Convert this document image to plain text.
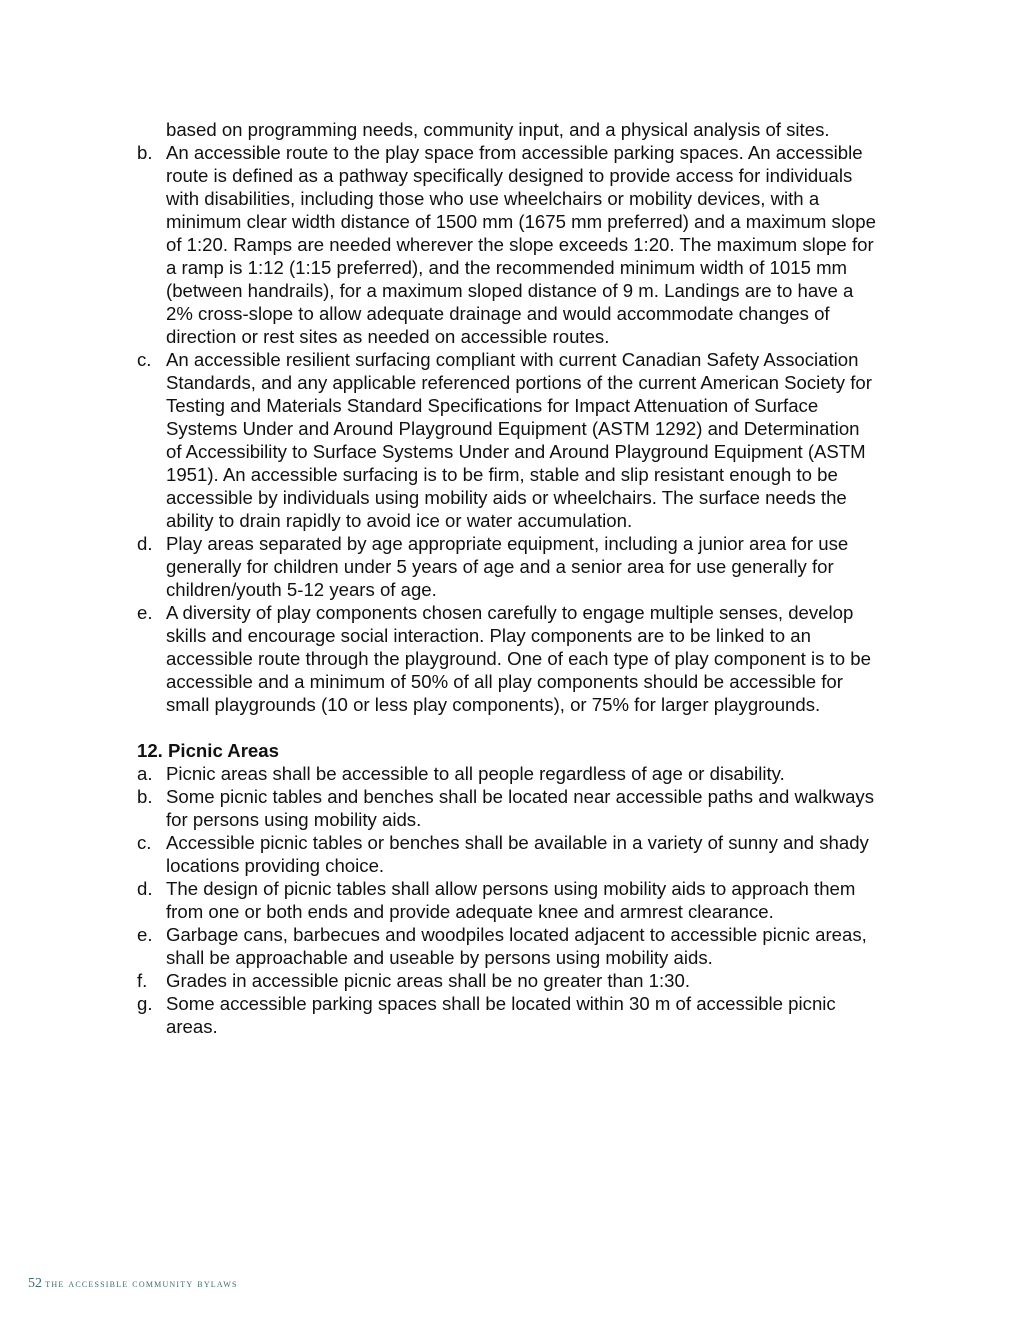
based on programming needs, community input, and a physical analysis of sites.

b. An accessible route to the play space from accessible parking spaces. An accessible route is defined as a pathway specifically designed to provide access for individuals with disabilities, including those who use wheelchairs or mobility devices, with a minimum clear width distance of 1500 mm (1675 mm preferred) and a maximum slope of 1:20. Ramps are needed wherever the slope exceeds 1:20. The maximum slope for a ramp is 1:12 (1:15 preferred), and the recommended minimum width of 1015 mm (between handrails), for a maximum sloped distance of 9 m. Landings are to have a 2% cross-slope to allow adequate drainage and would accommodate changes of direction or rest sites as needed on accessible routes.
c. An accessible resilient surfacing compliant with current Canadian Safety Association Standards, and any applicable referenced portions of the current American Society for Testing and Materials Standard Specifications for Impact Attenuation of Surface Systems Under and Around Playground Equipment (ASTM 1292) and Determination of Accessibility to Surface Systems Under and Around Playground Equipment (ASTM 1951). An accessible surfacing is to be firm, stable and slip resistant enough to be accessible by individuals using mobility aids or wheelchairs. The surface needs the ability to drain rapidly to avoid ice or water accumulation.
d. Play areas separated by age appropriate equipment, including a junior area for use generally for children under 5 years of age and a senior area for use generally for children/youth 5-12 years of age.
e. A diversity of play components chosen carefully to engage multiple senses, develop skills and encourage social interaction. Play components are to be linked to an accessible route through the playground. One of each type of play component is to be accessible and a minimum of 50% of all play components should be accessible for small playgrounds (10 or less play components), or 75% for larger playgrounds.
12. Picnic Areas
a. Picnic areas shall be accessible to all people regardless of age or disability.
b. Some picnic tables and benches shall be located near accessible paths and walkways for persons using mobility aids.
c. Accessible picnic tables or benches shall be available in a variety of sunny and shady locations providing choice.
d. The design of picnic tables shall allow persons using mobility aids to approach them from one or both ends and provide adequate knee and armrest clearance.
e. Garbage cans, barbecues and woodpiles located adjacent to accessible picnic areas, shall be approachable and useable by persons using mobility aids.
f. Grades in accessible picnic areas shall be no greater than 1:30.
g. Some accessible parking spaces shall be located within 30 m of accessible picnic areas.
52 the accessible community bylaws
